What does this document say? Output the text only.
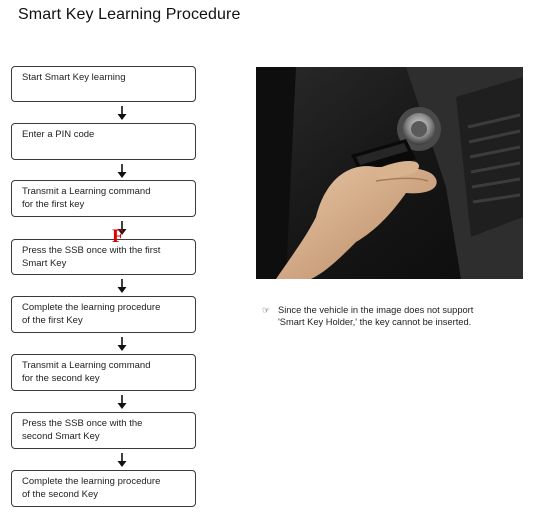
Smart Key Learning Procedure
Start Smart Key learning
Enter a PIN code
Transmit a Learning command
for the first key
Press the SSB once with the first
Smart Key
Complete the learning procedure
of the first Key
Transmit a Learning command
for the second key
Press the SSB once with the
second Smart Key
Complete the learning procedure
of the second Key
F
☞ Since the vehicle in the image does not support
'Smart Key Holder,' the key cannot be inserted.
